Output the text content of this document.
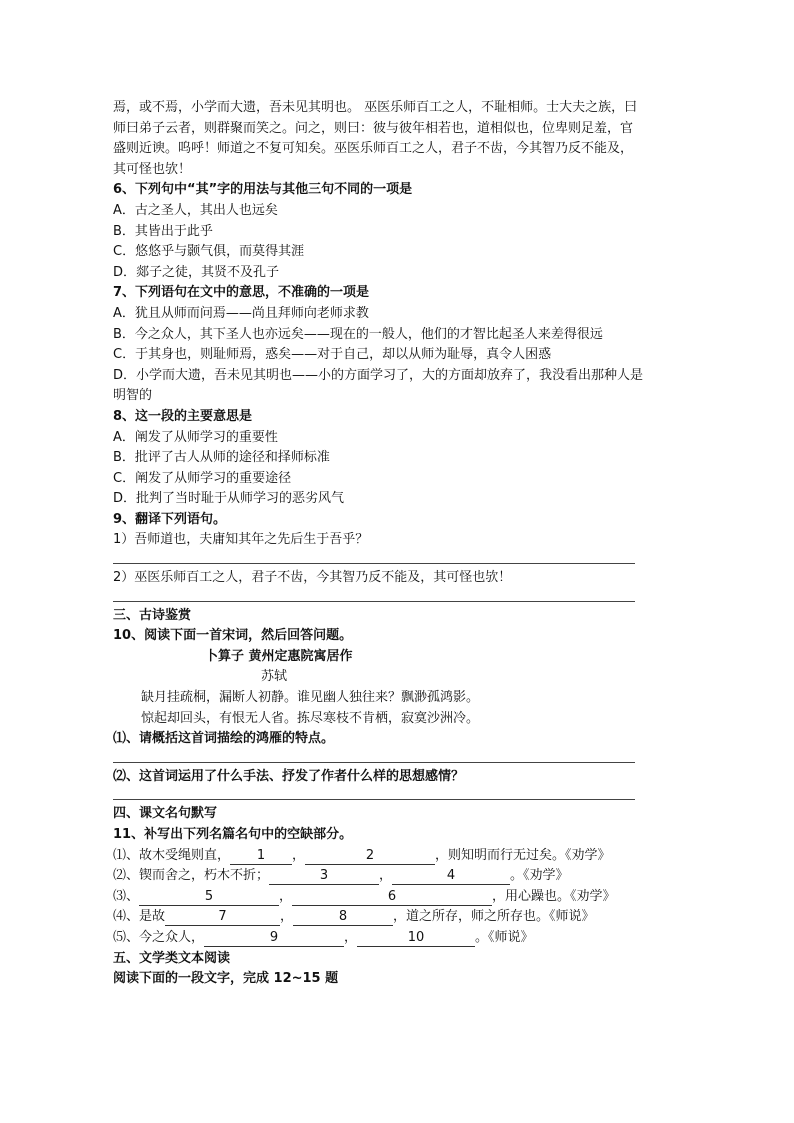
焉，或不焉，小学而大遗，吾未见其明也。 巫医乐师百工之人，不耻相师。士大夫之族，曰
师曰弟子云者，则群聚而笑之。问之，则曰：彼与彼年相若也，道相似也，位卑则足羞，官
盛则近谀。呜呼！师道之不复可知矣。巫医乐师百工之人，君子不齿，今其智乃反不能及，
其可怪也欤！
6、下列句中“其”字的用法与其他三句不同的一项是
A．古之圣人，其出人也远矣
B．其皆出于此乎
C．悠悠乎与颢气俱，而莫得其涯
D．郯子之徒，其贤不及孔子
7、下列语句在文中的意思，不准确的一项是
A．犹且从师而问焉——尚且拜师向老师求教
B．今之众人，其下圣人也亦远矣——现在的一般人，他们的才智比起圣人来差得很远
C．于其身也，则耻师焉，惑矣——对于自己，却以从师为耻辱，真令人困惑
D．小学而大遗，吾未见其明也——小的方面学习了，大的方面却放弃了，我没看出那种人是
明智的
8、这一段的主要意思是
A．阐发了从师学习的重要性
B．批评了古人从师的途径和择师标准
C．阐发了从师学习的重要途径
D．批判了当时耻于从师学习的恶劣风气
9、翻译下列语句。
1）吾师道也，夫庸知其年之先后生于吾乎？
2）巫医乐师百工之人，君子不齿，今其智乃反不能及，其可怪也欤！
三、古诗鉴赏
10、阅读下面一首宋词，然后回答问题。
卜算子 黄州定惠院寓居作
苏轼
缺月挂疏桐，漏断人初静。谁见幽人独往来？飘渺孤鸿影。
惊起却回头，有恨无人省。拣尽寒枝不肯栖，寂寞沙洲冷。
⑴、请概括这首词描绘的鸿雁的特点。
⑵、这首词运用了什么手法、抒发了作者什么样的思想感情？
四、课文名句默写
11、补写出下列名篇名句中的空缺部分。
⑴、故木受绳则直， 1 ，	2	，则知明而行无过矣。《劝学》
⑵、锲而舍之，朽木不折；	3	，	4	。《劝学》
⑶、	5	，	6	，用心躁也。《劝学》
⑷、是故	7	，	8	，道之所存，师之所存也。《师说》
⑸、今之众人，	9	，	10	。《师说》
五、文学类文本阅读
阅读下面的一段文字，完成 12~15 题
